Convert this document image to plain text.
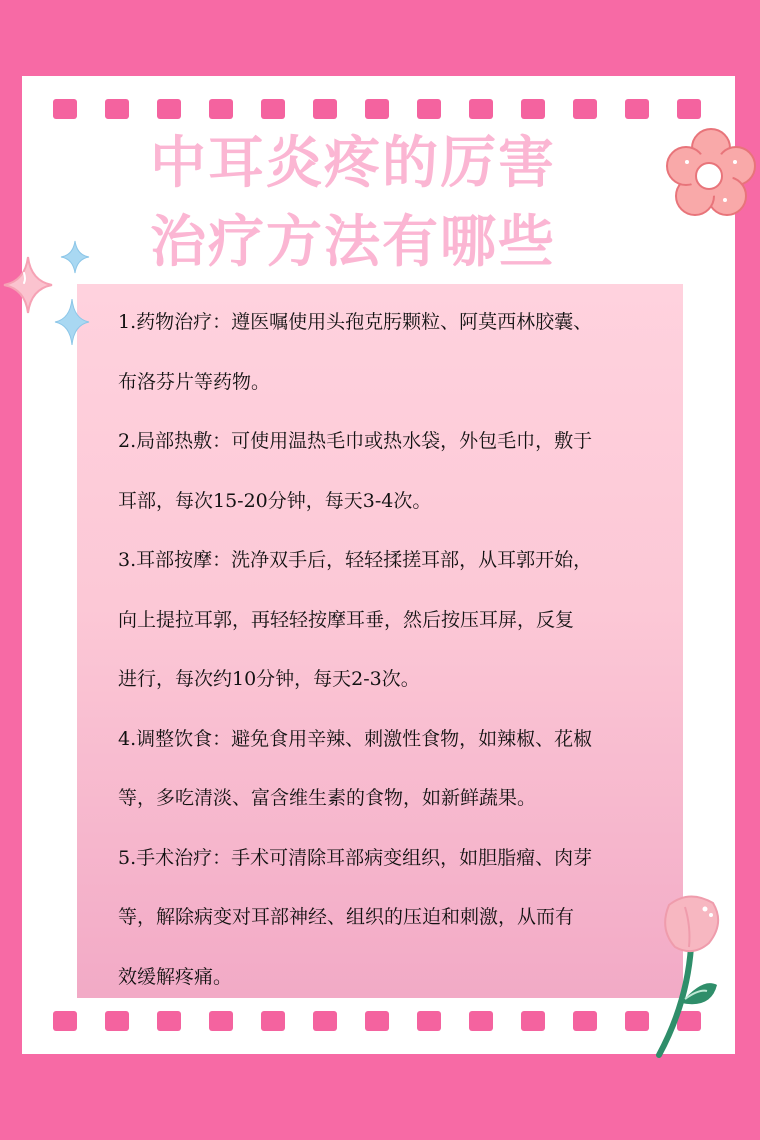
中耳炎疼的厉害
治疗方法有哪些
1.药物治疗：遵医嘱使用头孢克肟颗粒、阿莫西林胶囊、
布洛芬片等药物。
2.局部热敷：可使用温热毛巾或热水袋，外包毛巾，敷于
耳部，每次15-20分钟，每天3-4次。
3.耳部按摩：洗净双手后，轻轻揉搓耳部，从耳郭开始，
向上提拉耳郭，再轻轻按摩耳垂，然后按压耳屏，反复
进行，每次约10分钟，每天2-3次。
4.调整饮食：避免食用辛辣、刺激性食物，如辣椒、花椒
等，多吃清淡、富含维生素的食物，如新鲜蔬果。
5.手术治疗：手术可清除耳部病变组织，如胆脂瘤、肉芽
等，解除病变对耳部神经、组织的压迫和刺激，从而有
效缓解疼痛。
